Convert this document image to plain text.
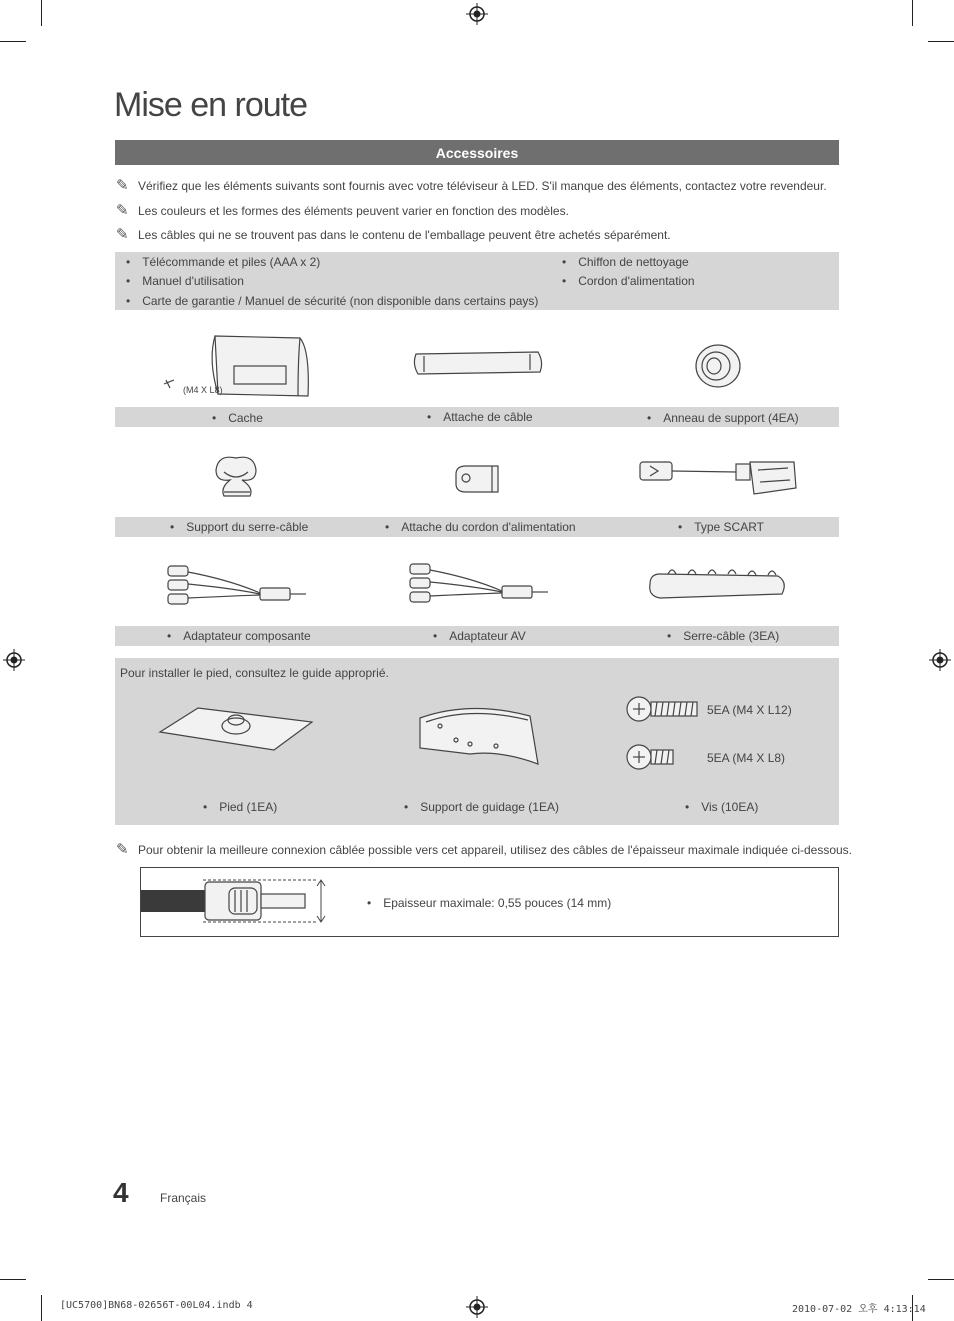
Mise en route
Accessoires
✎ Vérifiez que les éléments suivants sont fournis avec votre téléviseur à LED. S'il manque des éléments, contactez votre revendeur.
✎ Les couleurs et les formes des éléments peuvent varier en fonction des modèles.
✎ Les câbles qui ne se trouvent pas dans le contenu de l'emballage peuvent être achetés séparément.
• Télécommande et piles (AAA x 2)
• Manuel d'utilisation
• Carte de garantie / Manuel de sécurité (non disponible dans certains pays)
• Chiffon de nettoyage
• Cordon d'alimentation
(M4 X L8)
• Cache	• Attache de câble	• Anneau de support (4EA)
• Support du serre-câble	• Attache du cordon d'alimentation	• Type SCART
• Adaptateur composante	• Adaptateur AV	• Serre-câble (3EA)
Pour installer le pied, consultez le guide approprié.
5EA (M4 X L12)
5EA (M4 X L8)
• Pied (1EA)	• Support de guidage (1EA)	• Vis (10EA)
✎ Pour obtenir la meilleure connexion câblée possible vers cet appareil, utilisez des câbles de l'épaisseur maximale indiquée ci-dessous.
• Epaisseur maximale: 0,55 pouces (14 mm)
4	Français
[UC5700]BN68-02656T-00L04.indb 4	2010-07-02 오후 4:13:14
